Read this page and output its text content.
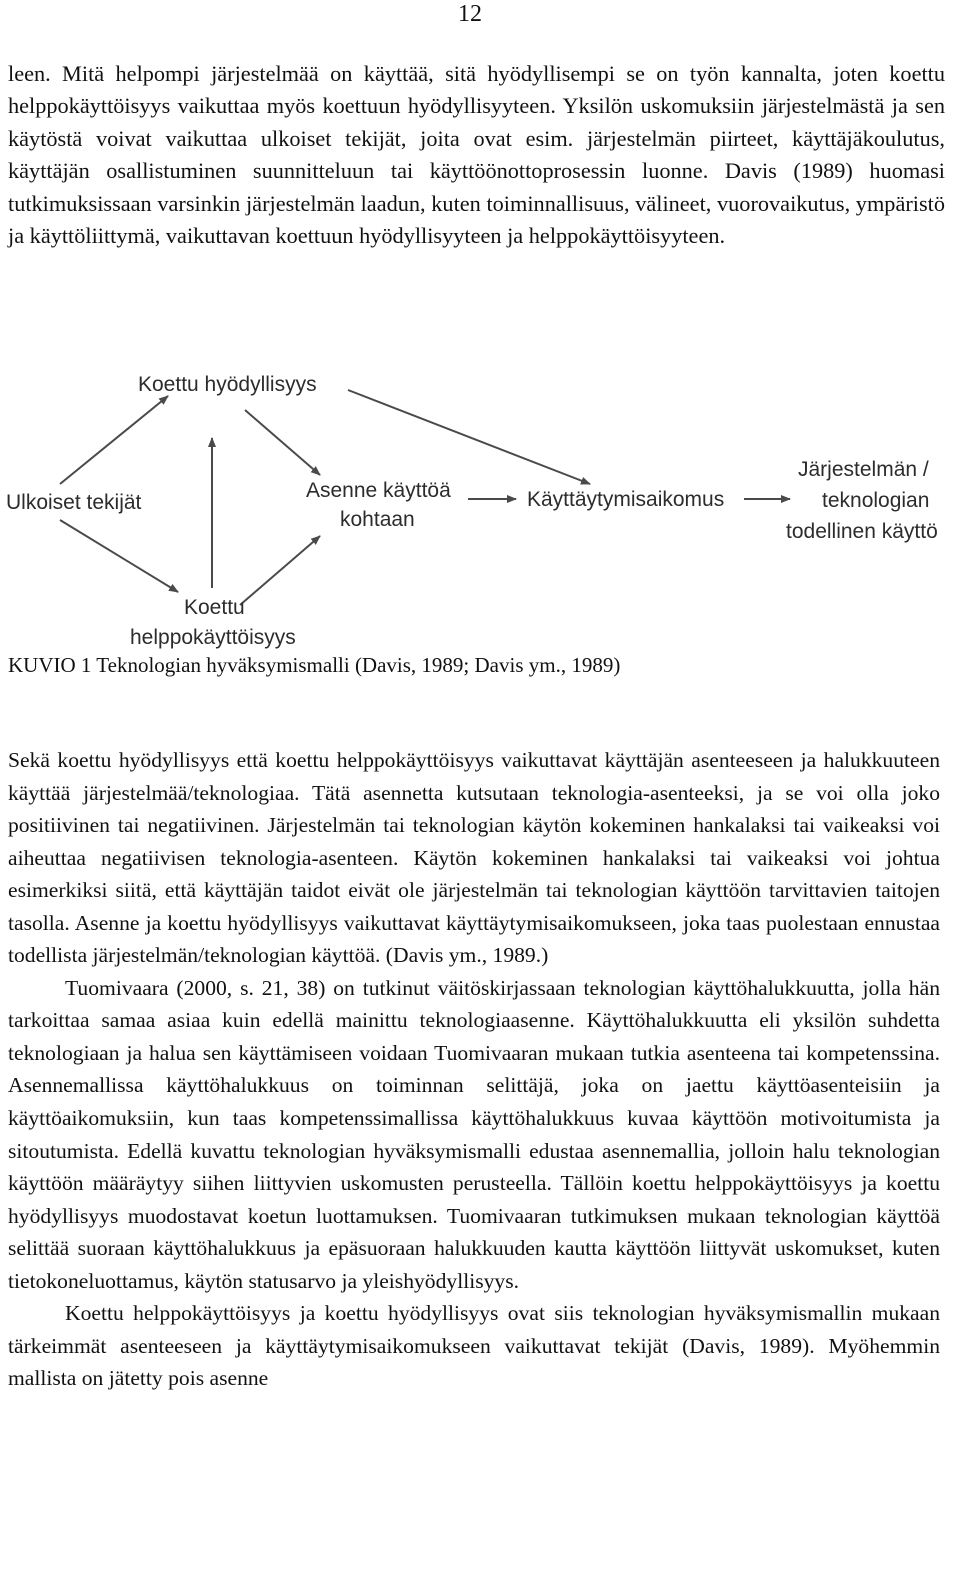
12

leen. Mitä helpompi järjestelmää on käyttää, sitä hyödyllisempi se on työn kannalta, joten koettu helppokäyttöisyys vaikuttaa myös koettuun hyödyllisyyteen. Yksilön uskomuksiin järjestelmästä ja sen käytöstä voivat vaikuttaa ulkoiset tekijät, joita ovat esim. järjestelmän piirteet, käyttäjäkoulutus, käyttäjän osallistuminen suunnitteluun tai käyttöönottoprosessin luonne. Davis (1989) huomasi tutkimuksissaan varsinkin järjestelmän laadun, kuten toiminnallisuus, välineet, vuorovaikutus, ympäristö ja käyttöliittymä, vaikuttavan koettuun hyödyllisyyteen ja helppokäyttöisyyteen.

Koettu hyödyllisyys
Ulkoiset tekijät
Asenne käyttöä
kohtaan
Käyttäytymisaikomus
Järjestelmän /
teknologian
todellinen käyttö
Koettu
helppokäyttöisyys
KUVIO 1 Teknologian hyväksymismalli (Davis, 1989; Davis ym., 1989)

Sekä koettu hyödyllisyys että koettu helppokäyttöisyys vaikuttavat käyttäjän asenteeseen ja halukkuuteen käyttää järjestelmää/teknologiaa. Tätä asennetta kutsutaan teknologia-asenteeksi, ja se voi olla joko positiivinen tai negatiivinen. Järjestelmän tai teknologian käytön kokeminen hankalaksi tai vaikeaksi voi aiheuttaa negatiivisen teknologia-asenteen. Käytön kokeminen hankalaksi tai vaikeaksi voi johtua esimerkiksi siitä, että käyttäjän taidot eivät ole järjestelmän tai teknologian käyttöön tarvittavien taitojen tasolla. Asenne ja koettu hyödyllisyys vaikuttavat käyttäytymisaikomukseen, joka taas puolestaan ennustaa todellista järjestelmän/teknologian käyttöä. (Davis ym., 1989.)

Tuomivaara (2000, s. 21, 38) on tutkinut väitöskirjassaan teknologian käyttöhalukkuutta, jolla hän tarkoittaa samaa asiaa kuin edellä mainittu teknologiaasenne. Käyttöhalukkuutta eli yksilön suhdetta teknologiaan ja halua sen käyttämiseen voidaan Tuomivaaran mukaan tutkia asenteena tai kompetenssina. Asennemallissa käyttöhalukkuus on toiminnan selittäjä, joka on jaettu käyttöasenteisiin ja käyttöaikomuksiin, kun taas kompetenssimallissa käyttöhalukkuus kuvaa käyttöön motivoitumista ja sitoutumista. Edellä kuvattu teknologian hyväksymismalli edustaa asennemallia, jolloin halu teknologian käyttöön määräytyy siihen liittyvien uskomusten perusteella. Tällöin koettu helppokäyttöisyys ja koettu hyödyllisyys muodostavat koetun luottamuksen. Tuomivaaran tutkimuksen mukaan teknologian käyttöä selittää suoraan käyttöhalukkuus ja epäsuoraan halukkuuden kautta käyttöön liittyvät uskomukset, kuten tietokoneluottamus, käytön statusarvo ja yleishyödyllisyys.

Koettu helppokäyttöisyys ja koettu hyödyllisyys ovat siis teknologian hyväksymismallin mukaan tärkeimmät asenteeseen ja käyttäytymisaikomukseen vaikuttavat tekijät (Davis, 1989). Myöhemmin mallista on jätetty pois asenne
